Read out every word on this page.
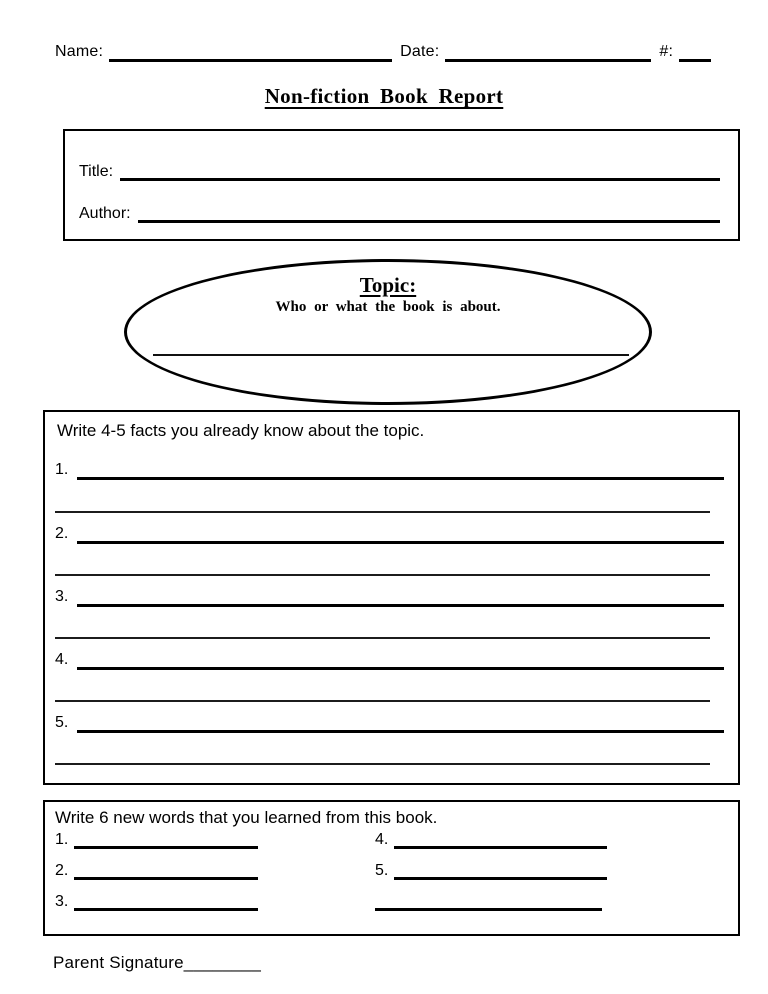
Name:	Date:	#:
Non-fiction Book Report
Title:
Author:
Topic:
Who or what the book is about.
Write 4-5 facts you already know about the topic.
1.
2.
3.
4.
5.
Write 6 new words that you learned from this book.
1.
2.
3.
4.
5.
Parent Signature________
